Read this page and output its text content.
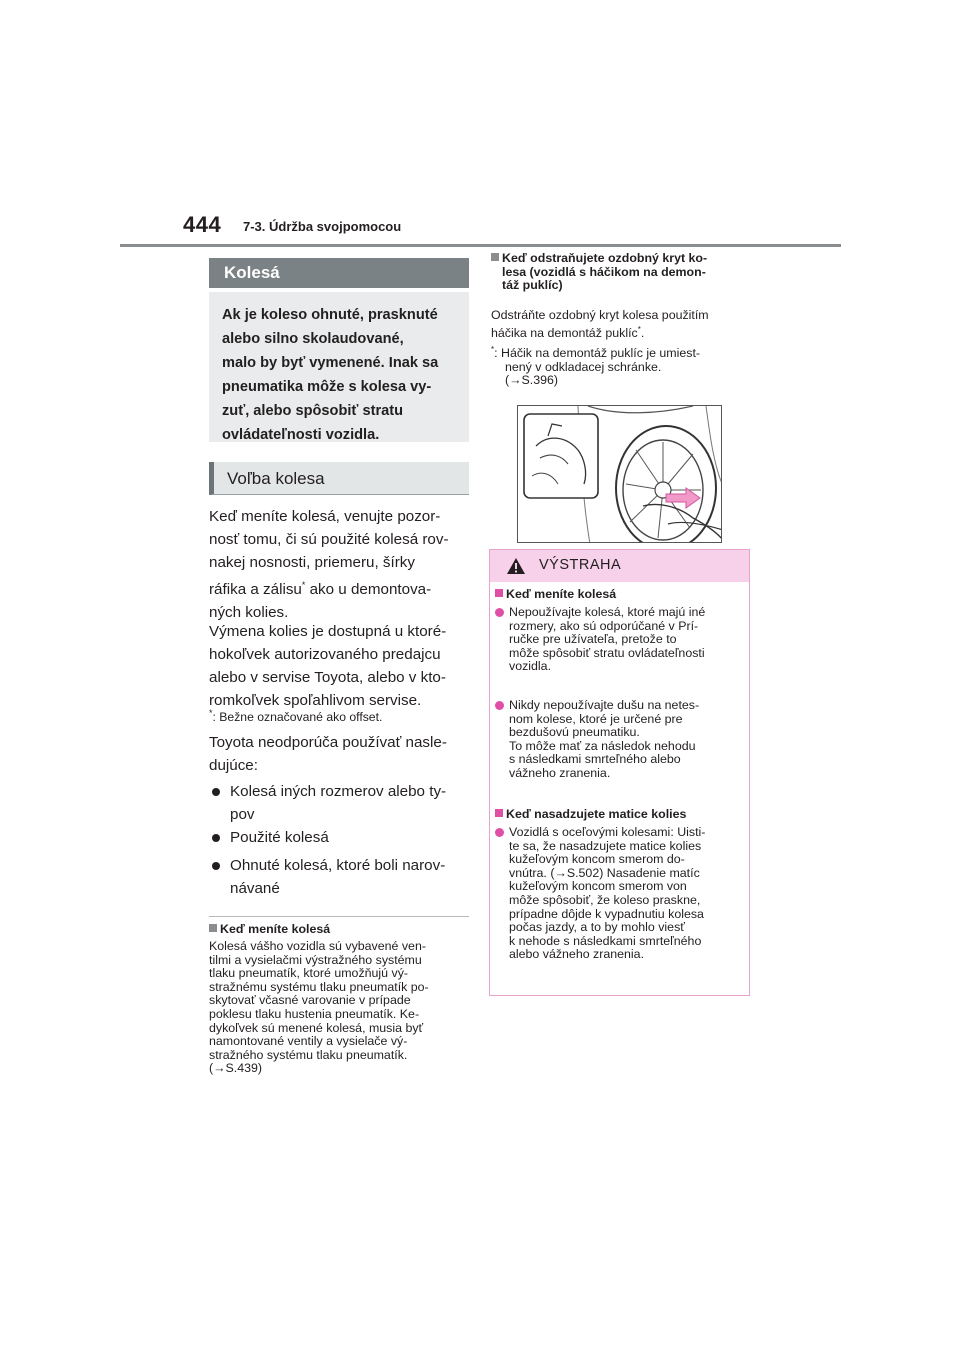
444 7-3. Údržba svojpomocou
Kolesá
Ak je koleso ohnuté, prasknuté
alebo silno skolaudované,
malo by byť vymenené. Inak sa
pneumatika môže s kolesa vy-
zuť, alebo spôsobiť stratu
ovládateľnosti vozidla.
Voľba kolesa
Keď meníte kolesá, venujte pozor-
nosť tomu, či sú použité kolesá rov-
nakej nosnosti, priemeru, šírky
ráfika a zálisu* ako u demontova-
ných kolies.
Výmena kolies je dostupná u ktoré-
hokoľvek autorizovaného predajcu
alebo v servise Toyota, alebo v kto-
romkoľvek spoľahlivom servise.
*: Bežne označované ako offset.
Toyota neodporúča používať nasle-
dujúce:
Kolesá iných rozmerov alebo ty-
pov
Použité kolesá
Ohnuté kolesá, ktoré boli narov-
návané
Keď meníte kolesá
Kolesá vášho vozidla sú vybavené ven-
tilmi a vysielačmi výstražného systému
tlaku pneumatík, ktoré umožňujú vý-
stražnému systému tlaku pneumatík po-
skytovať včasné varovanie v prípade
poklesu tlaku hustenia pneumatík. Ke-
dykoľvek sú menené kolesá, musia byť
namontované ventily a vysielače vý-
stražného systému tlaku pneumatík.
(→S.439)
Keď odstraňujete ozdobný kryt ko-
lesa (vozidlá s háčikom na demon-
táž puklíc)
Odstráňte ozdobný kryt kolesa použitím
háčika na demontáž puklíc*.
*: Háčik na demontáž puklíc je umiest-
nený v odkladacej schránke.
(→S.396)
VÝSTRAHA
Keď meníte kolesá
Nepoužívajte kolesá, ktoré majú iné
rozmery, ako sú odporúčané v Prí-
ručke pre užívateľa, pretože to
môže spôsobiť stratu ovládateľnosti
vozidla.
Nikdy nepoužívajte dušu na netes-
nom kolese, ktoré je určené pre
bezdušovú pneumatiku.
To môže mať za následok nehodu
s následkami smrteľného alebo
vážneho zranenia.
Keď nasadzujete matice kolies
Vozidlá s oceľovými kolesami: Uisti-
te sa, že nasadzujete matice kolies
kužeľovým koncom smerom do-
vnútra. (→S.502) Nasadenie matíc
kužeľovým koncom smerom von
môže spôsobiť, že koleso praskne,
prípadne dôjde k vypadnutiu kolesa
počas jazdy, a to by mohlo viesť
k nehode s následkami smrteľného
alebo vážneho zranenia.
